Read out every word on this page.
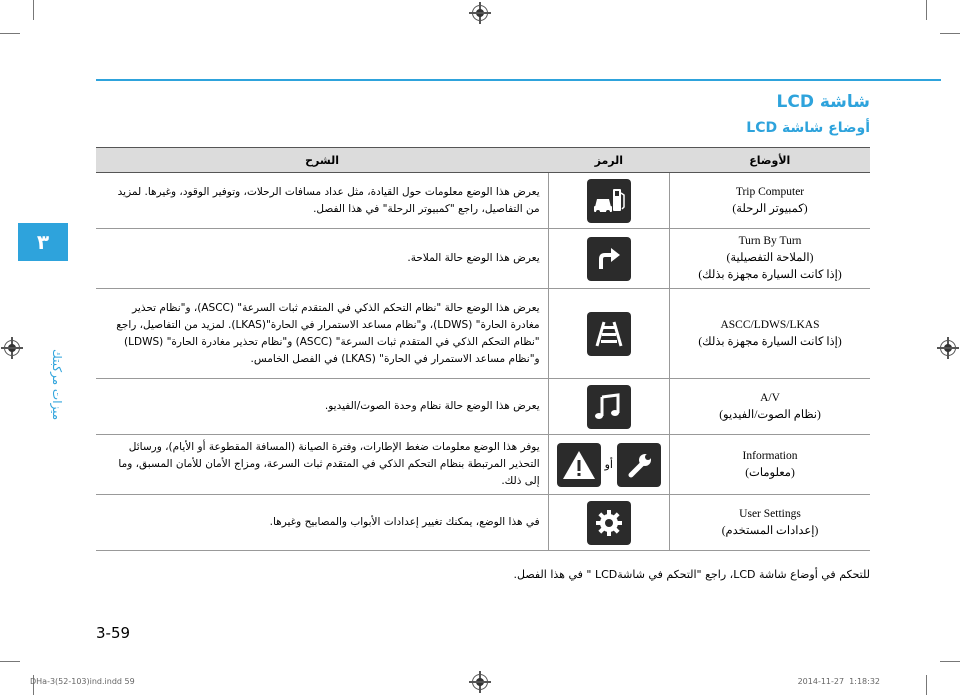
٣
ميزات مركبتك
شاشة LCD
أوضاع شاشة LCD
الأوضاع	الرمز	الشرح

Trip Computer
(كمبيوتر الرحلة)		يعرض هذا الوضع معلومات حول القيادة، مثل عداد مسافات الرحلات، وتوفير الوقود، وغيرها. لمزيد من التفاصيل، راجع "كمبيوتر الرحلة" في هذا الفصل.

Turn By Turn
(الملاحة التفصيلية)
(إذا كانت السيارة مجهزة بذلك)		يعرض هذا الوضع حالة الملاحة.

ASCC/LDWS/LKAS
(إذا كانت السيارة مجهزة بذلك)		يعرض هذا الوضع حالة "نظام التحكم الذكي في المتقدم ثبات السرعة" (ASCC)، و"نظام تحذير مغادرة الحارة" (LDWS)، و"نظام مساعد الاستمرار في الحارة"(LKAS). لمزيد من التفاصيل، راجع "نظام التحكم الذكي في المتقدم ثبات السرعة" (ASCC) و"نظام تحذير مغادرة الحارة" (LDWS) و"نظام مساعد الاستمرار في الحارة" (LKAS) في الفصل الخامس.

A/V
(نظام الصوت/الفيديو)		يعرض هذا الوضع حالة نظام وحدة الصوت/الفيديو.

Information
(معلومات)	أو	يوفر هذا الوضع معلومات ضغط الإطارات، وفترة الصيانة (المسافة المقطوعة أو الأيام)، ورسائل التحذير المرتبطة بنظام التحكم الذكي في المتقدم ثبات السرعة، ومزاج الأمان للأمان المسبق، وما إلى ذلك.

User Settings
(إعدادات المستخدم)		في هذا الوضع، يمكنك تغيير إعدادات الأبواب والمصابيح وغيرها.
للتحكم في أوضاع شاشة LCD، راجع "التحكم في شاشةLCD " في هذا الفصل.
3-59
DHa-3(52-103)ind.indd 59	2014-11-27 ￼ 1:18:32
